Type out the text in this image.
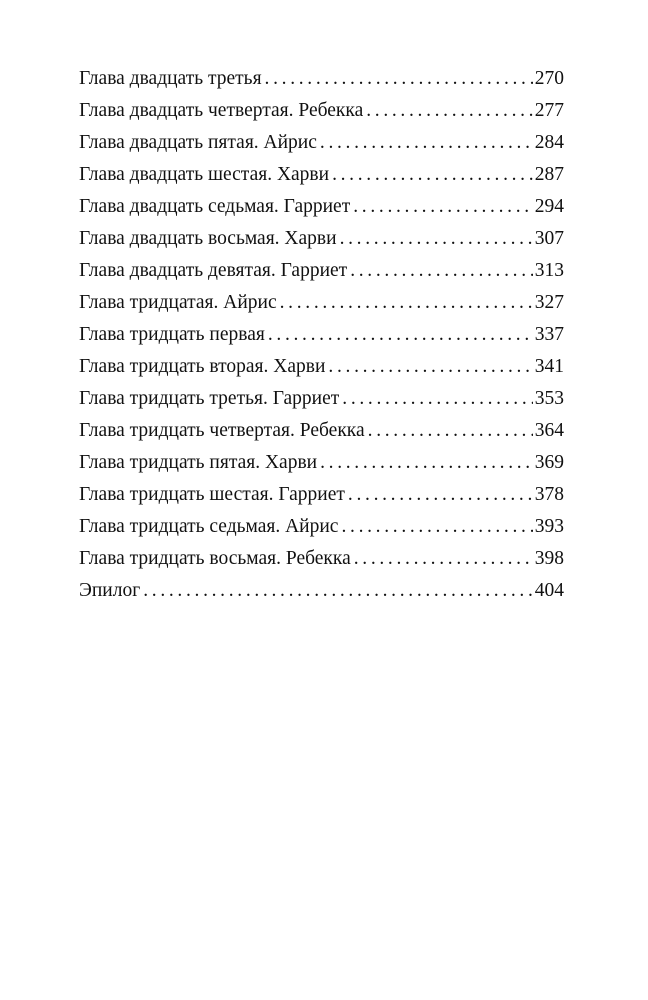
Глава двадцать третья . . .	270
Глава двадцать четвертая. Ребекка . . .	277
Глава двадцать пятая. Айрис . . .	284
Глава двадцать шестая. Харви . . .	287
Глава двадцать седьмая. Гарриет . . .	294
Глава двадцать восьмая. Харви . . .	307
Глава двадцать девятая. Гарриет . . .	313
Глава тридцатая. Айрис . . .	327
Глава тридцать первая . . .	337
Глава тридцать вторая. Харви . . .	341
Глава тридцать третья. Гарриет . . .	353
Глава тридцать четвертая. Ребекка . . .	364
Глава тридцать пятая. Харви . . .	369
Глава тридцать шестая. Гарриет . . .	378
Глава тридцать седьмая. Айрис . . .	393
Глава тридцать восьмая. Ребекка . . .	398
Эпилог . . .	404
